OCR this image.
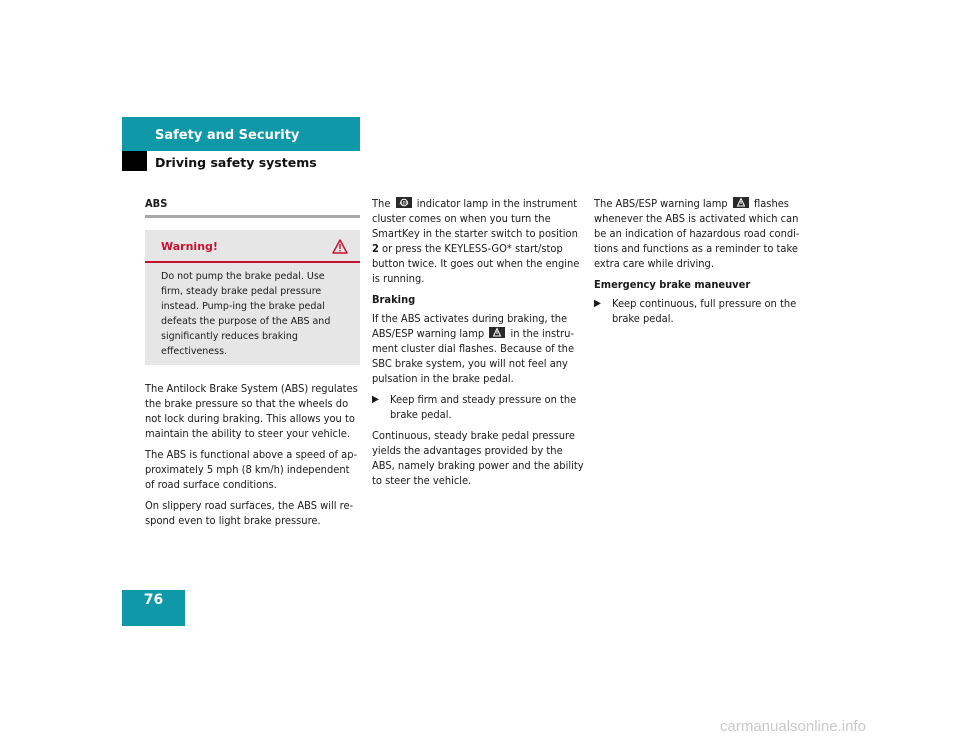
Safety and Security
Driving safety systems
ABS
Warning!
Do not pump the brake pedal. Use firm, steady brake pedal pressure instead. Pump-ing the brake pedal defeats the purpose of the ABS and significantly reduces braking effectiveness.

The Antilock Brake System (ABS) regulates the brake pressure so that the wheels do not lock during braking. This allows you to maintain the ability to steer your vehicle.

The ABS is functional above a speed of ap-proximately 5 mph (8 km/h) independent of road surface conditions.

On slippery road surfaces, the ABS will re-spond even to light brake pressure.

The ABS indicator lamp in the instrument cluster comes on when you turn the SmartKey in the starter switch to position 2 or press the KEYLESS-GO* start/stop button twice. It goes out when the engine is running.

Braking

If the ABS activates during braking, the ABS/ESP warning lamp in the instru-ment cluster dial flashes. Because of the SBC brake system, you will not feel any pulsation in the brake pedal.

▶	Keep firm and steady pressure on the brake pedal.

Continuous, steady brake pedal pressure yields the advantages provided by the ABS, namely braking power and the ability to steer the vehicle.

The ABS/ESP warning lamp flashes whenever the ABS is activated which can be an indication of hazardous road condi-tions and functions as a reminder to take extra care while driving.

Emergency brake maneuver

▶	Keep continuous, full pressure on the brake pedal.

76
carmanualsonline.info
